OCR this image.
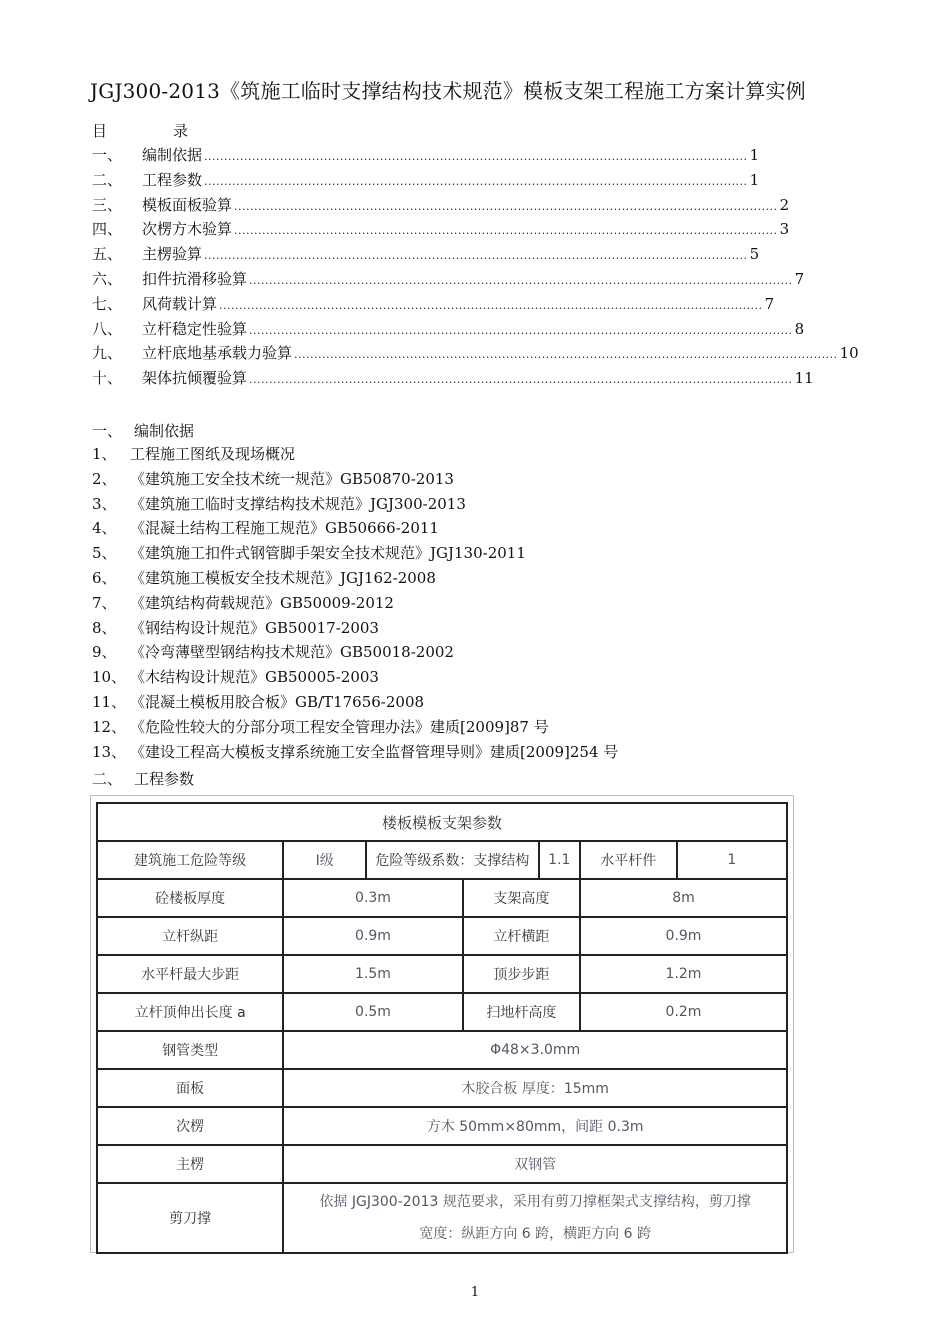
JGJ300-2013《筑施工临时支撑结构技术规范》模板支架工程施工方案计算实例
目	录
一、	编制依据 ........................................................................................................................................ 1
二、	工程参数 ........................................................................................................................................ 1
三、	模板面板验算 ........................................................................................................................................ 2
四、	次楞方木验算 ........................................................................................................................................ 3
五、	主楞验算 ........................................................................................................................................ 5
六、	扣件抗滑移验算 ........................................................................................................................................ 7
七、	风荷载计算 ........................................................................................................................................ 7
八、	立杆稳定性验算 ........................................................................................................................................ 8
九、	立杆底地基承载力验算 ........................................................................................................................................ 10
十、	架体抗倾覆验算 ........................................................................................................................................ 11
一、 编制依据
1、 工程施工图纸及现场概况
2、 《建筑施工安全技术统一规范》GB50870-2013
3、 《建筑施工临时支撑结构技术规范》JGJ300-2013
4、 《混凝土结构工程施工规范》GB50666-2011
5、 《建筑施工扣件式钢管脚手架安全技术规范》JGJ130-2011
6、 《建筑施工模板安全技术规范》JGJ162-2008
7、 《建筑结构荷载规范》GB50009-2012
8、 《钢结构设计规范》GB50017-2003
9、 《冷弯薄壁型钢结构技术规范》GB50018-2002
10、 《木结构设计规范》GB50005-2003
11、 《混凝土模板用胶合板》GB/T17656-2008
12、 《危险性较大的分部分项工程安全管理办法》建质[2009]87 号
13、 《建设工程高大模板支撑系统施工安全监督管理导则》建质[2009]254 号
二、 工程参数
楼板模板支架参数						
建筑施工危险等级	Ⅰ级	危险等级系数：支撑结构		1.1	水平杆件	1
砼楼板厚度	0.3m		支架高度		8m	
立杆纵距	0.9m		立杆横距		0.9m	
水平杆最大步距	1.5m		顶步步距		1.2m	
立杆顶伸出长度 a	0.5m		扫地杆高度		0.2m	
钢管类型	Φ48×3.0mm					
面板	木胶合板 厚度：15mm					
次楞	方木 50mm×80mm，间距 0.3m					
主楞	双钢管					
剪刀撑	依据 JGJ300-2013 规范要求，采用有剪刀撑框架式支撑结构，剪刀撑
宽度：纵距方向 6 跨，横距方向 6 跨					
1
